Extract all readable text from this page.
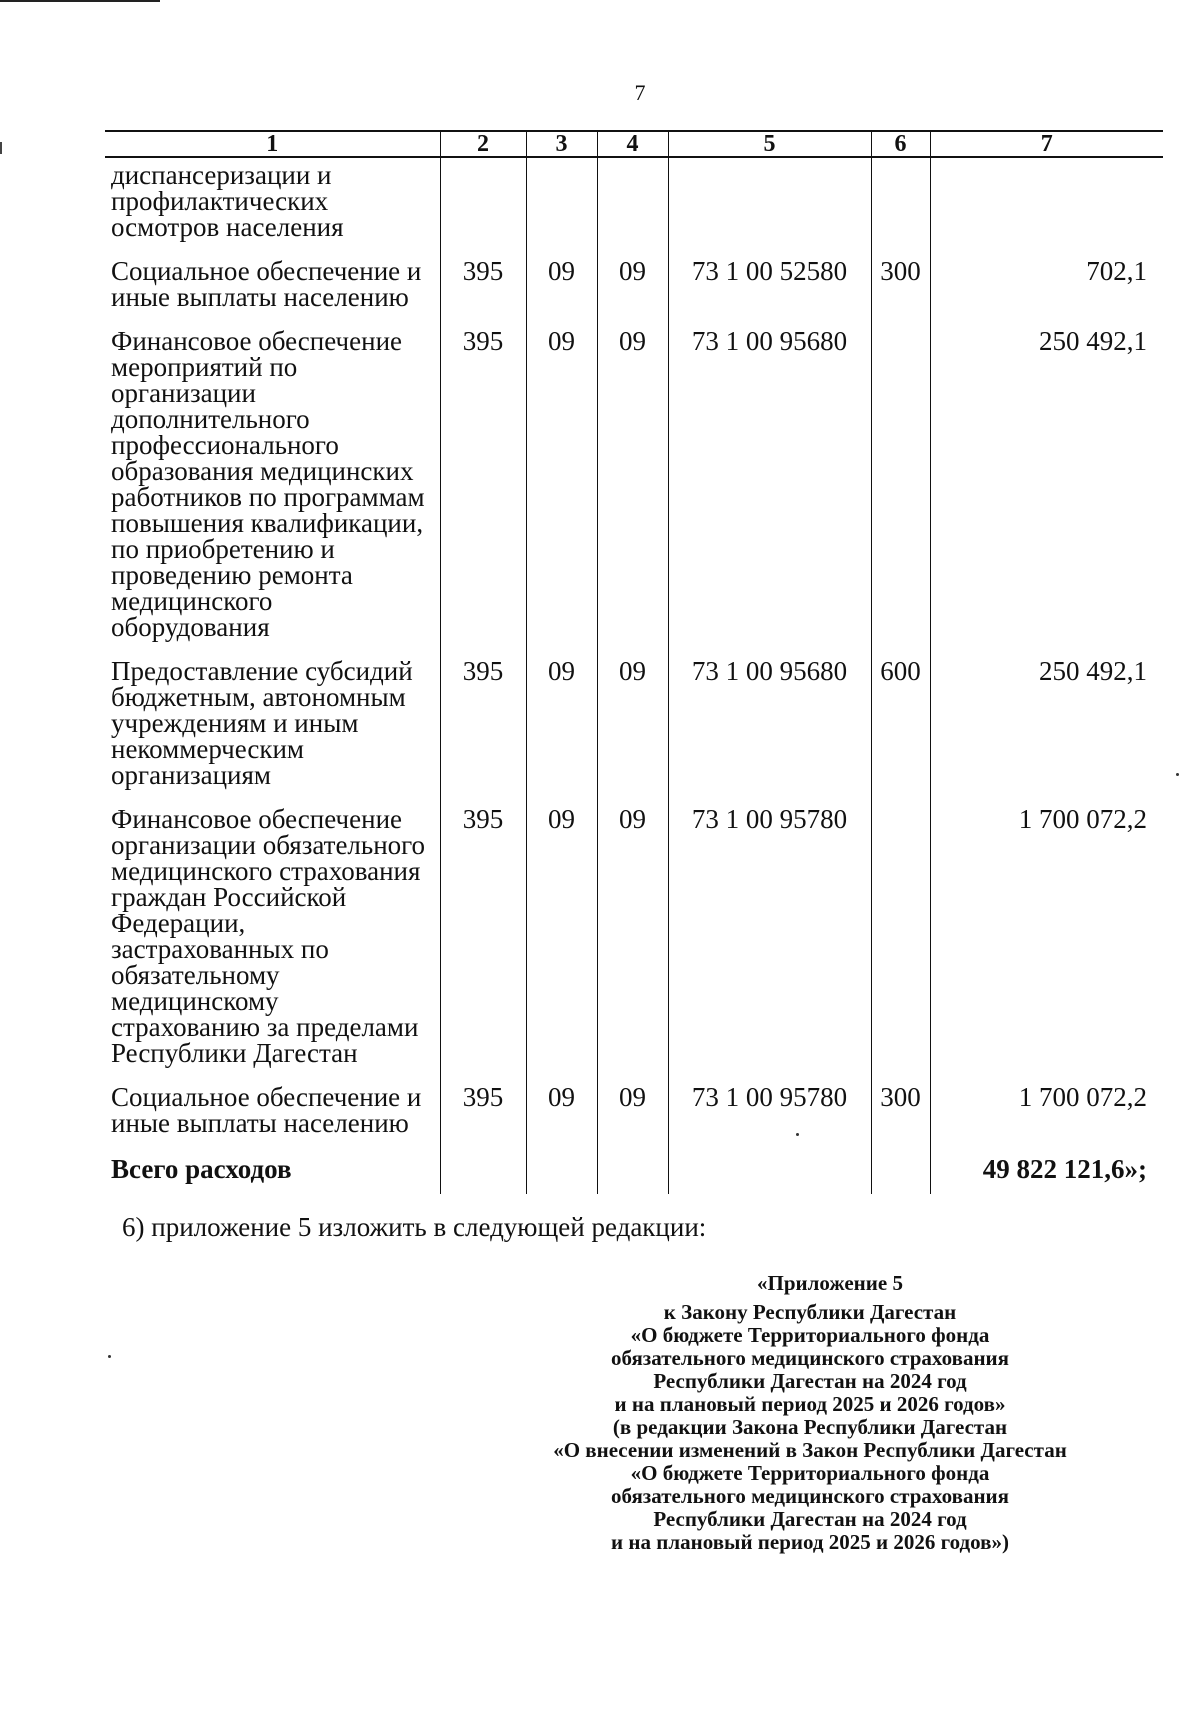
7
1	2	3	4	5	6	7

диспансеризации и профилактических осмотров населения						

Социальное обеспечение и иные выплаты населению	395	09	09	73 1 00 52580	300	702,1

Финансовое обеспечение мероприятий по организации дополнительного профессионального образования медицинских работников по программам повышения квалификации, по приобретению и проведению ремонта медицинского оборудования	395	09	09	73 1 00 95680		250 492,1

Предоставление субсидий бюджетным, автономным учреждениям и иным некоммерческим организациям	395	09	09	73 1 00 95680	600	250 492,1

Финансовое обеспечение организации обязательного медицинского страхования граждан Российской Федерации, застрахованных по обязательному медицинскому страхованию за пределами Республики Дагестан	395	09	09	73 1 00 95780		1 700 072,2

Социальное обеспечение и иные выплаты населению	395	09	09	73 1 00 95780	300	1 700 072,2

Всего расходов						49 822 121,6»;
6) приложение 5 изложить в следующей редакции:
«Приложение 5
к Закону Республики Дагестан
«О бюджете Территориального фонда
обязательного медицинского страхования
Республики Дагестан на 2024 год
и на плановый период 2025 и 2026 годов»
(в редакции Закона Республики Дагестан
«О внесении изменений в Закон Республики Дагестан
«О бюджете Территориального фонда
обязательного медицинского страхования
Республики Дагестан на 2024 год
и на плановый период 2025 и 2026 годов»)
